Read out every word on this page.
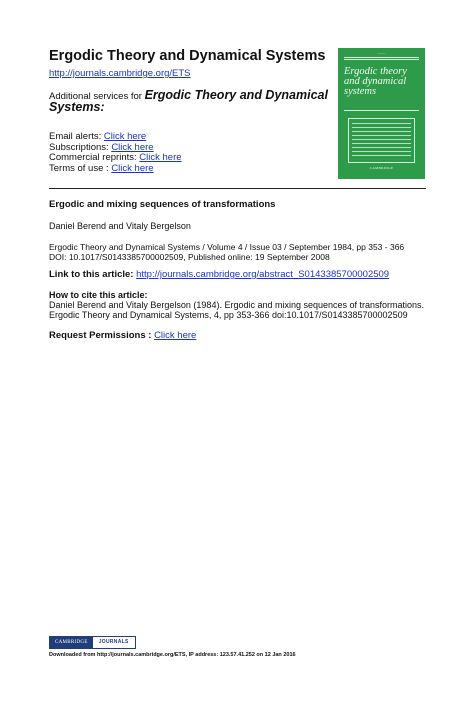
Ergodic Theory and Dynamical Systems
http://journals.cambridge.org/ETS
Additional services for Ergodic Theory and Dynamical Systems:
Email alerts: Click here
Subscriptions: Click here
Commercial reprints: Click here
Terms of use : Click here
––––––
Ergodic theory
and dynamical
systems
CAMBRIDGE
Ergodic and mixing sequences of transformations
Daniel Berend and Vitaly Bergelson
Ergodic Theory and Dynamical Systems / Volume 4 / Issue 03 / September 1984, pp 353 - 366
DOI: 10.1017/S0143385700002509, Published online: 19 September 2008
Link to this article: http://journals.cambridge.org/abstract_S0143385700002509
How to cite this article:
Daniel Berend and Vitaly Bergelson (1984). Ergodic and mixing sequences of transformations.
Ergodic Theory and Dynamical Systems, 4, pp 353-366 doi:10.1017/S0143385700002509
Request Permissions : Click here
CAMBRIDGE	JOURNALS
Downloaded from http://journals.cambridge.org/ETS, IP address: 123.57.41.252 on 12 Jan 2016
